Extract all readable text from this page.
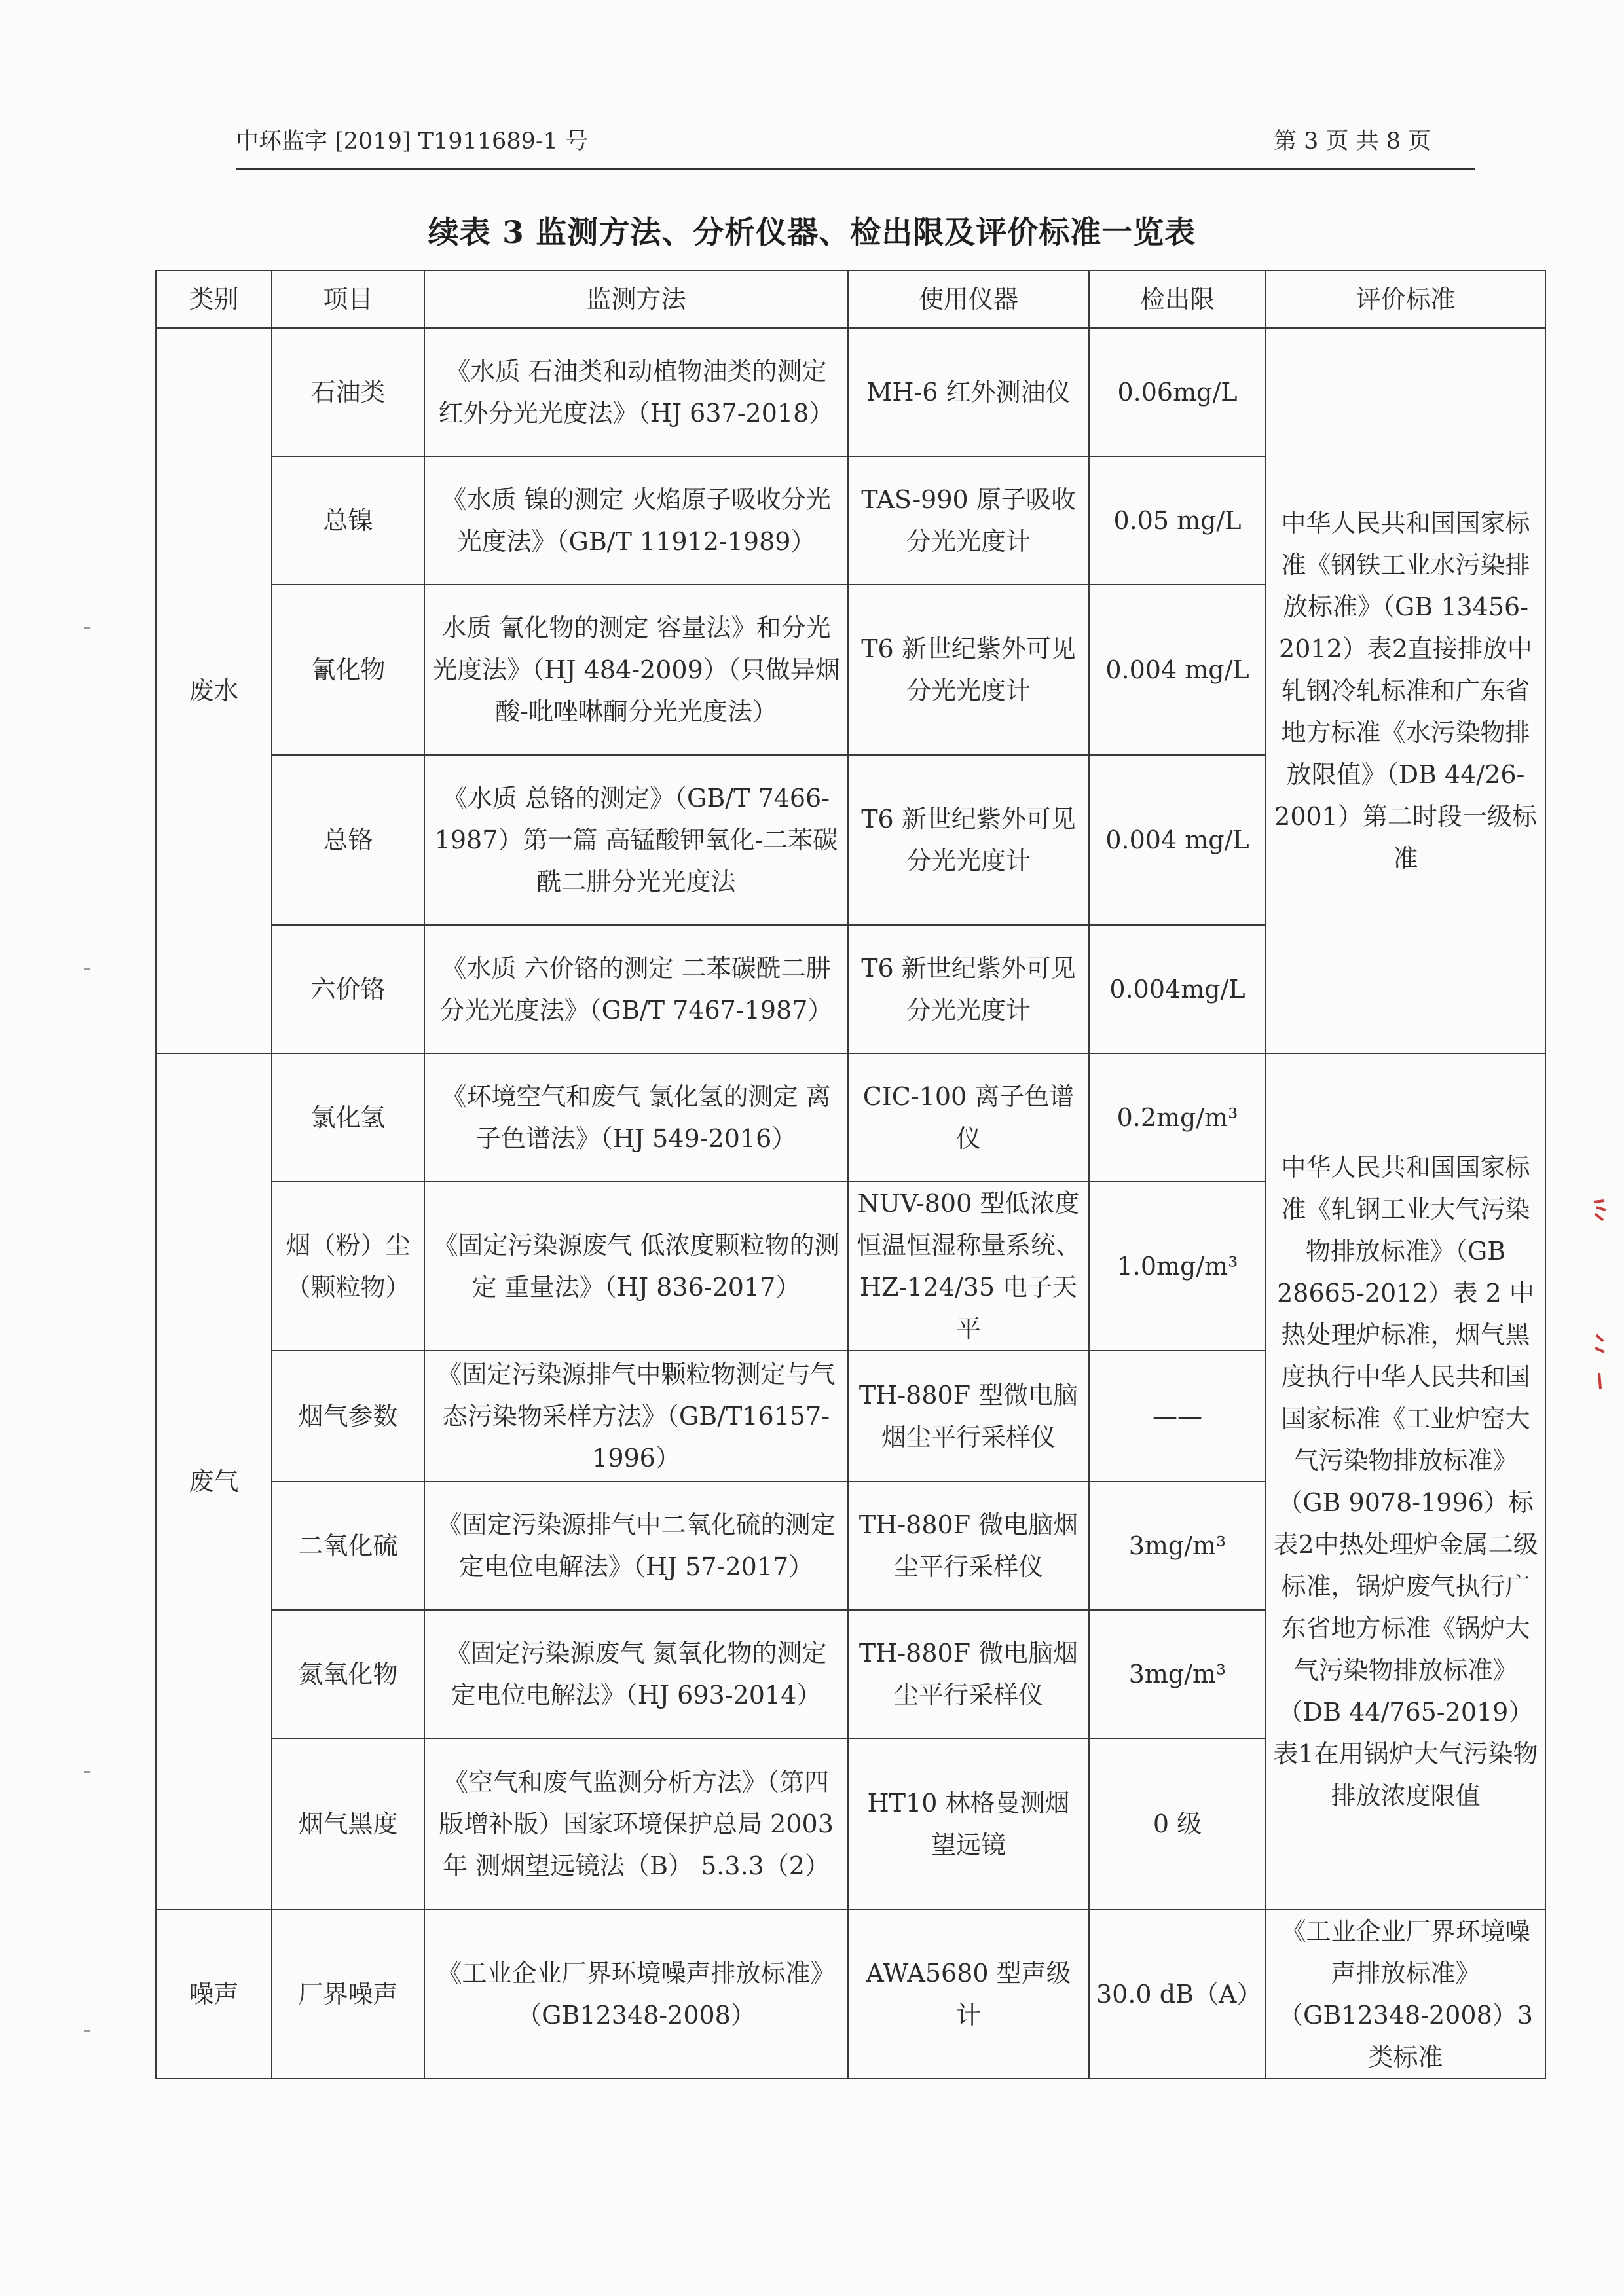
中环监字 [2019] T1911689-1 号	第 3 页 共 8 页
续表 3 监测方法、分析仪器、检出限及评价标准一览表
类别	项目	监测方法	使用仪器	检出限	评价标准
废水	石油类	《水质 石油类和动植物油类的测定 红外分光光度法》（HJ 637-2018）	MH-6 红外测油仪	0.06mg/L	中华人民共和国国家标准《钢铁工业水污染排放标准》（GB 13456-2012）表2直接排放中轧钢冷轧标准和广东省地方标准《水污染物排放限值》（DB 44/26-2001）第二时段一级标准
	总镍	《水质 镍的测定 火焰原子吸收分光光度法》（GB/T 11912-1989）	TAS-990 原子吸收分光光度计	0.05 mg/L	
	氰化物	水质 氰化物的测定 容量法》和分光光度法》（HJ 484-2009）（只做异烟酸-吡唑啉酮分光光度法）	T6 新世纪紫外可见分光光度计	0.004 mg/L	
	总铬	《水质 总铬的测定》（GB/T 7466-1987）第一篇 高锰酸钾氧化-二苯碳酰二肼分光光度法	T6 新世纪紫外可见分光光度计	0.004 mg/L	
	六价铬	《水质 六价铬的测定 二苯碳酰二肼分光光度法》（GB/T 7467-1987）	T6 新世纪紫外可见分光光度计	0.004mg/L	
废气	氯化氢	《环境空气和废气 氯化氢的测定 离子色谱法》（HJ 549-2016）	CIC-100 离子色谱仪	0.2mg/m³	中华人民共和国国家标准《轧钢工业大气污染物排放标准》（GB 28665-2012）表 2 中热处理炉标准，烟气黑度执行中华人民共和国国家标准《工业炉窑大气污染物排放标准》（GB 9078-1996）标表2中热处理炉金属二级标准，锅炉废气执行广东省地方标准《锅炉大气污染物排放标准》（DB 44/765-2019）表1在用锅炉大气污染物排放浓度限值
	烟（粉）尘（颗粒物）	《固定污染源废气 低浓度颗粒物的测定 重量法》（HJ 836-2017）	NUV-800 型低浓度恒温恒湿称量系统、HZ-124/35 电子天平	1.0mg/m³	
	烟气参数	《固定污染源排气中颗粒物测定与气态污染物采样方法》（GB/T16157-1996）	TH-880F 型微电脑烟尘平行采样仪	——	
	二氧化硫	《固定污染源排气中二氧化硫的测定 定电位电解法》（HJ 57-2017）	TH-880F 微电脑烟尘平行采样仪	3mg/m³	
	氮氧化物	《固定污染源废气 氮氧化物的测定 定电位电解法》（HJ 693-2014）	TH-880F 微电脑烟尘平行采样仪	3mg/m³	
	烟气黑度	《空气和废气监测分析方法》（第四版增补版）国家环境保护总局 2003 年 测烟望远镜法（B） 5.3.3（2）	HT10 林格曼测烟望远镜	0 级	
噪声	厂界噪声	《工业企业厂界环境噪声排放标准》（GB12348-2008）	AWA5680 型声级计	30.0 dB（A）	《工业企业厂界环境噪声排放标准》（GB12348-2008）3 类标准
